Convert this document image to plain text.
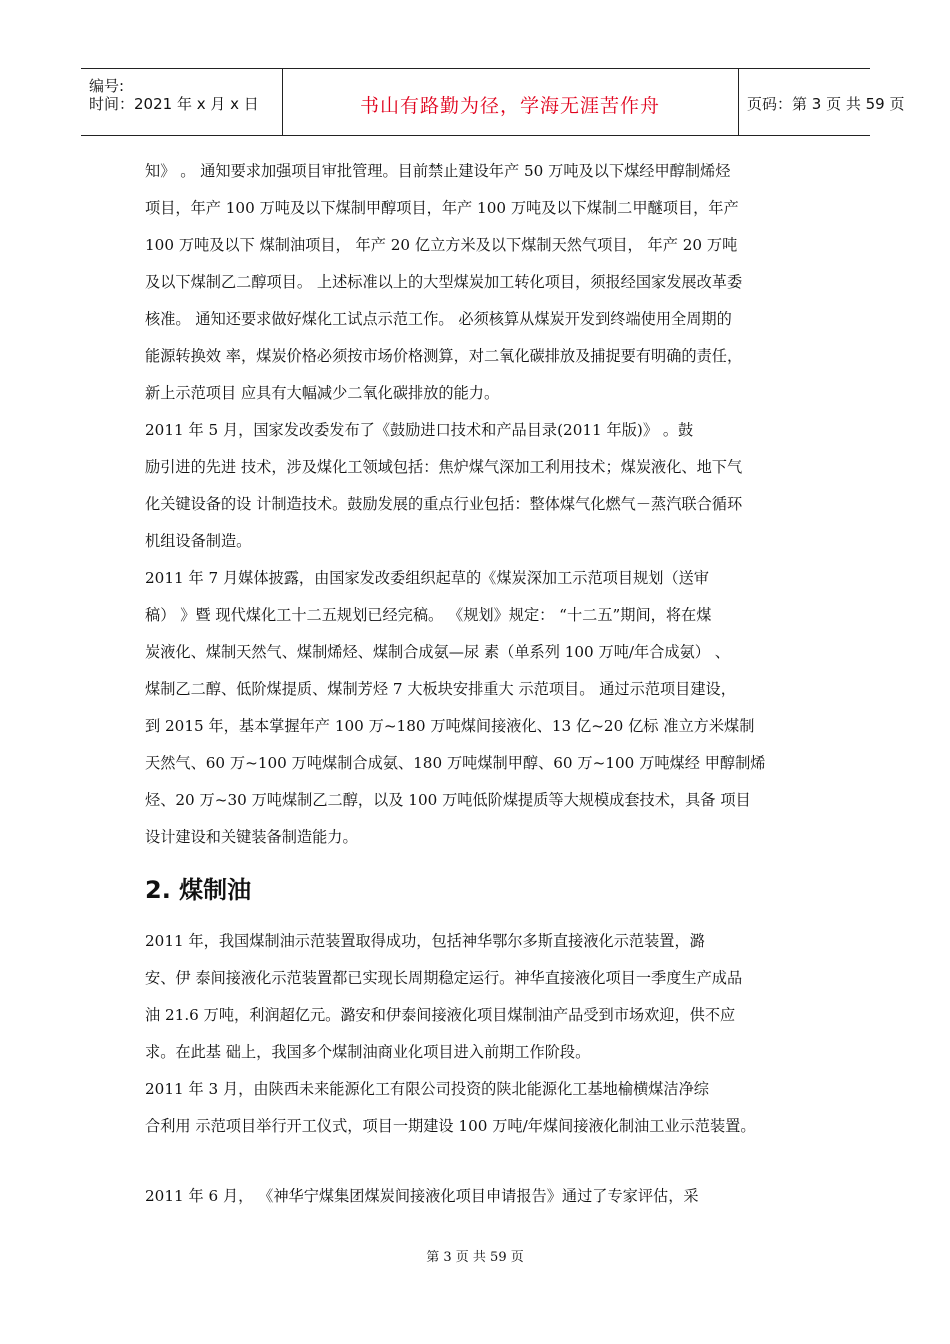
编号:
时间：2021 年 x 月 x 日	书山有路勤为径，学海无涯苦作舟	页码：第 3 页 共 59 页
知》 。 通知要求加强项目审批管理。目前禁止建设年产 50 万吨及以下煤经甲醇制烯烃
项目，年产 100 万吨及以下煤制甲醇项目，年产 100 万吨及以下煤制二甲醚项目，年产
100 万吨及以下 煤制油项目， 年产 20 亿立方米及以下煤制天然气项目， 年产 20 万吨
及以下煤制乙二醇项目。 上述标准以上的大型煤炭加工转化项目，须报经国家发展改革委
核准。 通知还要求做好煤化工试点示范工作。 必须核算从煤炭开发到终端使用全周期的
能源转换效 率，煤炭价格必须按市场价格测算，对二氧化碳排放及捕捉要有明确的责任，
新上示范项目 应具有大幅减少二氧化碳排放的能力。
2011 年 5 月，国家发改委发布了《鼓励进口技术和产品目录(2011 年版)》 。鼓
励引进的先进 技术，涉及煤化工领域包括：焦炉煤气深加工利用技术；煤炭液化、地下气
化关键设备的设 计制造技术。鼓励发展的重点行业包括：整体煤气化燃气－蒸汽联合循环
机组设备制造。
2011 年 7 月媒体披露，由国家发改委组织起草的《煤炭深加工示范项目规划（送审
稿） 》暨 现代煤化工十二五规划已经完稿。 《规划》规定： “十二五”期间，将在煤
炭液化、煤制天然气、煤制烯烃、煤制合成氨—尿 素（单系列 100 万吨/年合成氨） 、
煤制乙二醇、低阶煤提质、煤制芳烃 7 大板块安排重大 示范项目。 通过示范项目建设，
到 2015 年，基本掌握年产 100 万~180 万吨煤间接液化、13 亿~20 亿标 准立方米煤制
天然气、60 万~100 万吨煤制合成氨、180 万吨煤制甲醇、60 万~100 万吨煤经 甲醇制烯
烃、20 万~30 万吨煤制乙二醇，以及 100 万吨低阶煤提质等大规模成套技术，具备 项目
设计建设和关键装备制造能力。
2. 煤制油
2011 年，我国煤制油示范装置取得成功，包括神华鄂尔多斯直接液化示范装置，潞
安、伊 泰间接液化示范装置都已实现长周期稳定运行。神华直接液化项目一季度生产成品
油 21.6 万吨，利润超亿元。潞安和伊泰间接液化项目煤制油产品受到市场欢迎，供不应
求。在此基 础上，我国多个煤制油商业化项目进入前期工作阶段。
2011 年 3 月，由陕西未来能源化工有限公司投资的陕北能源化工基地榆横煤洁净综
合利用 示范项目举行开工仪式，项目一期建设 100 万吨/年煤间接液化制油工业示范装置。
2011 年 6 月， 《神华宁煤集团煤炭间接液化项目申请报告》通过了专家评估，采
第 3 页 共 59 页
